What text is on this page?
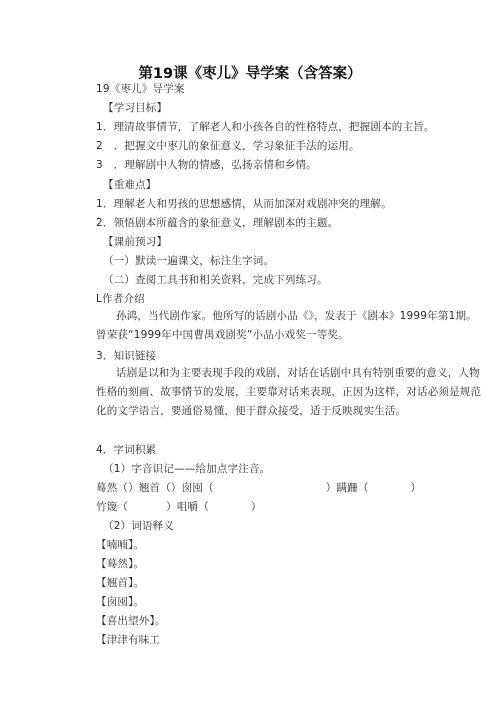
第19课《枣儿》导学案（含答案）
19《枣儿》导学案
【学习目标】
1．理清故事情节，了解老人和小孩各自的性格特点，把握剧本的主旨。
2　．把握文中枣儿的象征意义，学习象征手法的运用。
3　．理解剧中人物的情感，弘扬亲情和乡情。
【重难点】
1．理解老人和男孩的思想感情，从而加深对戏剧冲突的理解。
2．领悟剧本所蕴含的象征意义，理解剧本的主题。
【课前预习】
（一）默读一遍课文，标注生字词。
（二）查阅工具书和相关资料，完成下列练习。
L作者介绍
孙鸿，当代剧作家。他所写的话剧小品《》，发表于《剧本》1999年第1期。曾荣获“1999年中国曹禺戏剧奖”小品小戏奖一等奖。
3．知识链接
话剧是以和为主要表现手段的戏剧，对话在话剧中具有特别重要的意义，人物性格的刻画、故事情节的发展，主要靠对话来表现，正因为这样，对话必须是规范化的文学语言，要通俗易懂，便于群众接受，适于反映现实生活。
4．字词积累
（1）字音识记——给加点字注音。
蓦然（）翘首（）囱囤（	）蹒跚（	）
竹篾（	）咀嚼（	）
（2）词语释义
【喃喃】。
【蓦然】。
【翘首】。
【囱囤】。
【喜出望外】。
【津津有味工
